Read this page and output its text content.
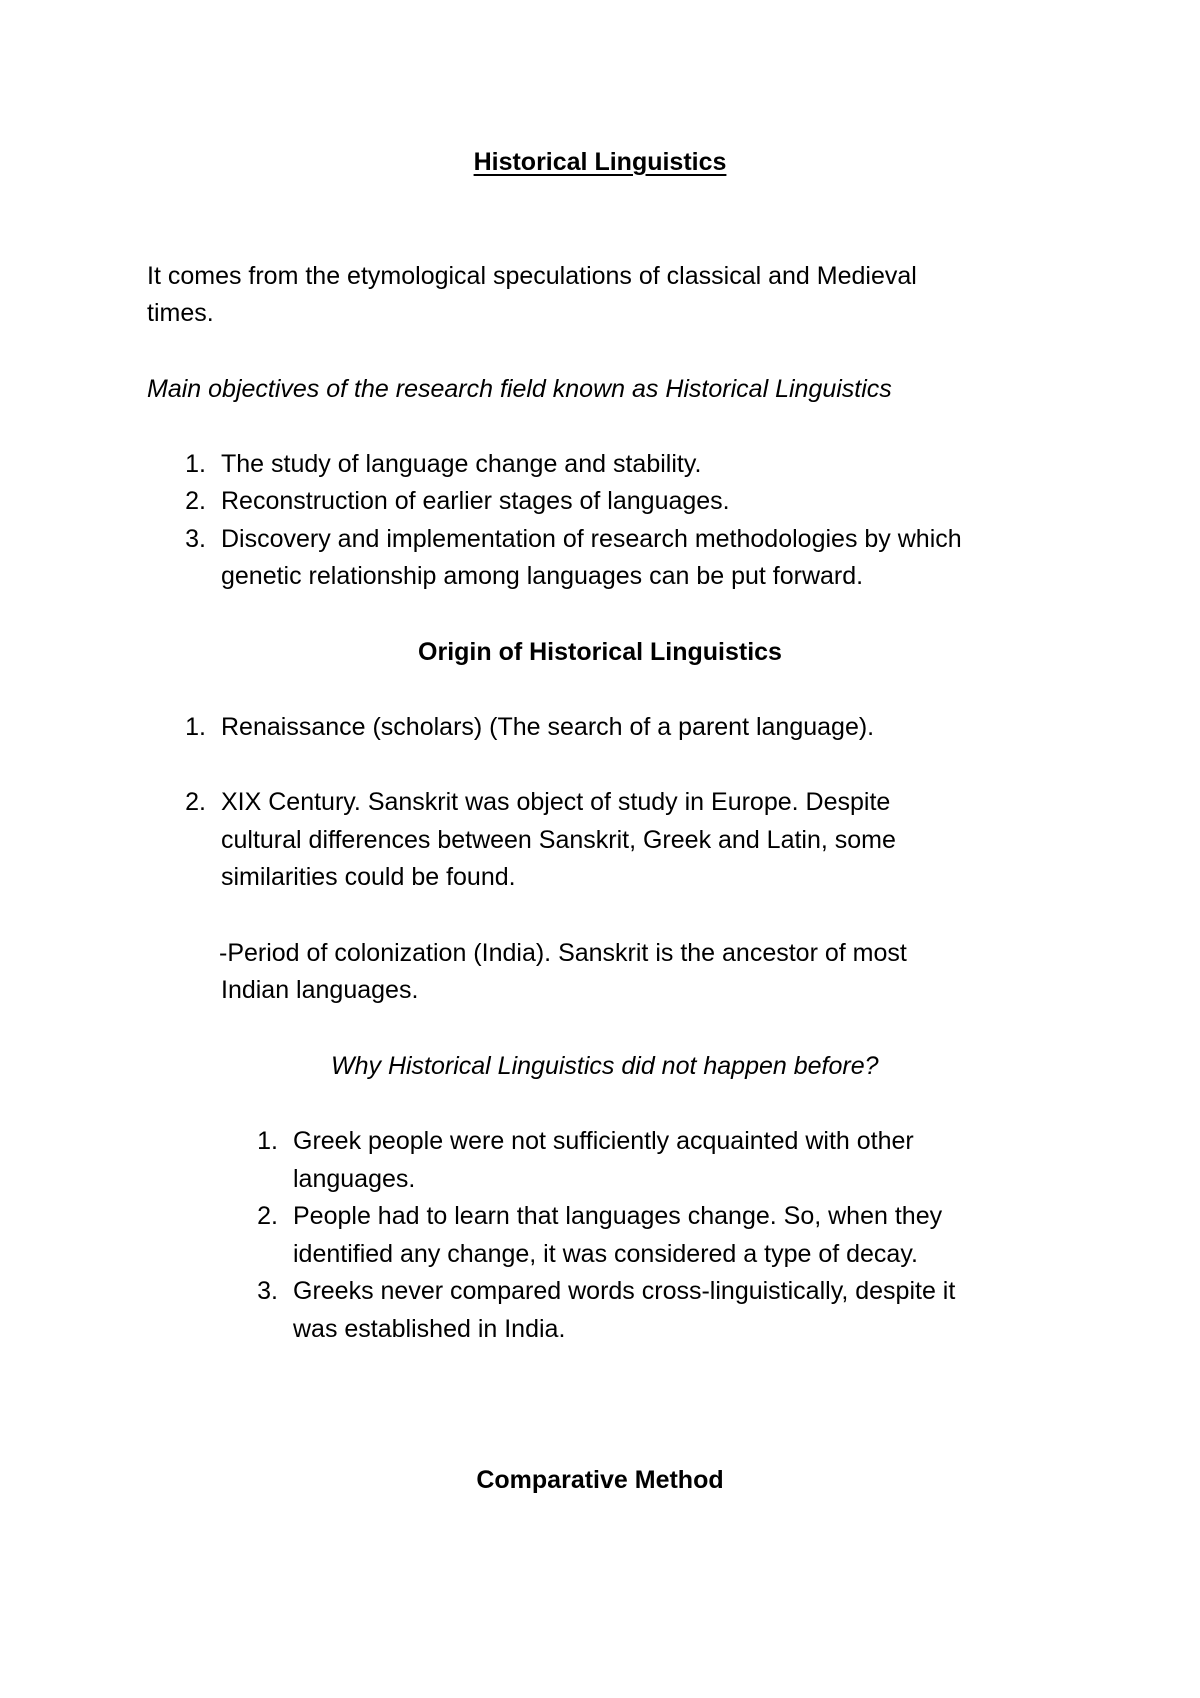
Historical Linguistics
It comes from the etymological speculations of classical and Medieval
times.
Main objectives of the research field known as Historical Linguistics
1. The study of language change and stability.
2. Reconstruction of earlier stages of languages.
3. Discovery and implementation of research methodologies by which
genetic relationship among languages can be put forward.
Origin of Historical Linguistics
1. Renaissance (scholars) (The search of a parent language).
2. XIX Century. Sanskrit was object of study in Europe. Despite
cultural differences between Sanskrit, Greek and Latin, some
similarities could be found.
-Period of colonization (India). Sanskrit is the ancestor of most
Indian languages.
Why Historical Linguistics did not happen before?
1. Greek people were not sufficiently acquainted with other
languages.
2. People had to learn that languages change. So, when they
identified any change, it was considered a type of decay.
3. Greeks never compared words cross-linguistically, despite it
was established in India.
Comparative Method
